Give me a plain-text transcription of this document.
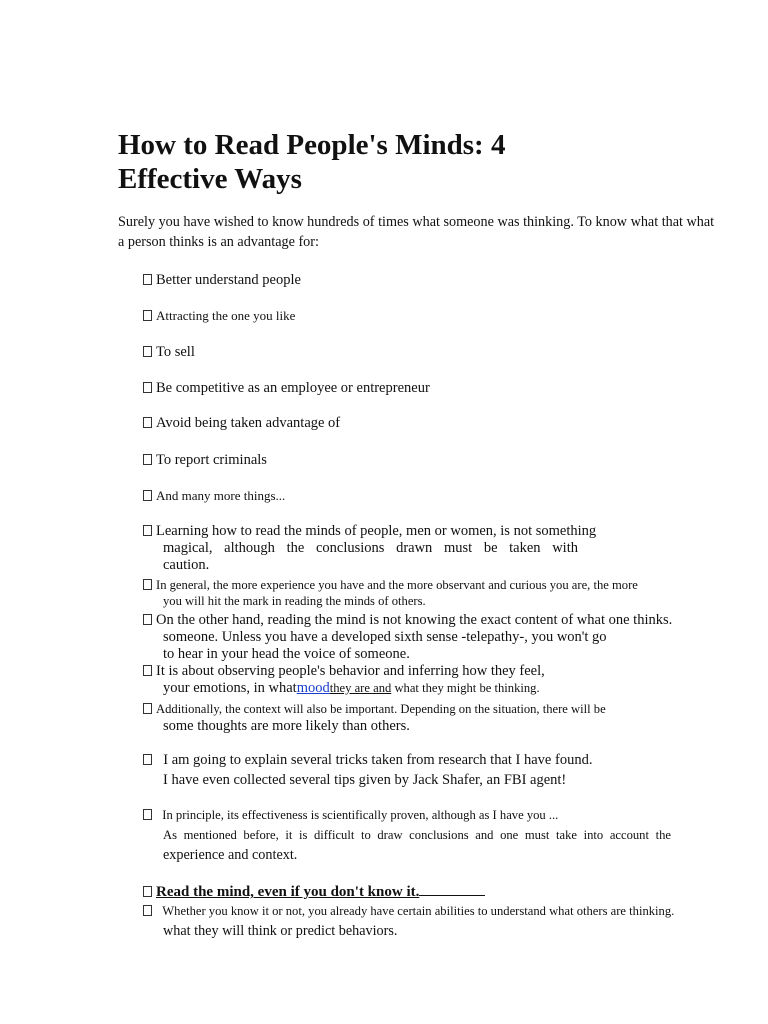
How to Read People's Minds: 4 Effective Ways

Surely you have wished to know hundreds of times what someone was thinking. To know what that what a person thinks is an advantage for:

Better understand people
Attracting the one you like
To sell
Be competitive as an employee or entrepreneur
Avoid being taken advantage of
To report criminals
And many more things...
Learning how to read the minds of people, men or women, is not something
magical, although the conclusions drawn must be taken with
caution.
In general, the more experience you have and the more observant and curious you are, the more
you will hit the mark in reading the minds of others.
On the other hand, reading the mind is not knowing the exact content of what one thinks.
someone. Unless you have a developed sixth sense -telepathy-, you won't go
to hear in your head the voice of someone.
It is about observing people's behavior and inferring how they feel,
your emotions, in whatmoodthey are and what they might be thinking.
Additionally, the context will also be important. Depending on the situation, there will be
some thoughts are more likely than others.
I am going to explain several tricks taken from research that I have found.
I have even collected several tips given by Jack Shafer, an FBI agent!
In principle, its effectiveness is scientifically proven, although as I have you ...
As mentioned before, it is difficult to draw conclusions and one must take into account the
experience and context.
Read the mind, even if you don't know it.
Whether you know it or not, you already have certain abilities to understand what others are thinking.
what they will think or predict behaviors.
